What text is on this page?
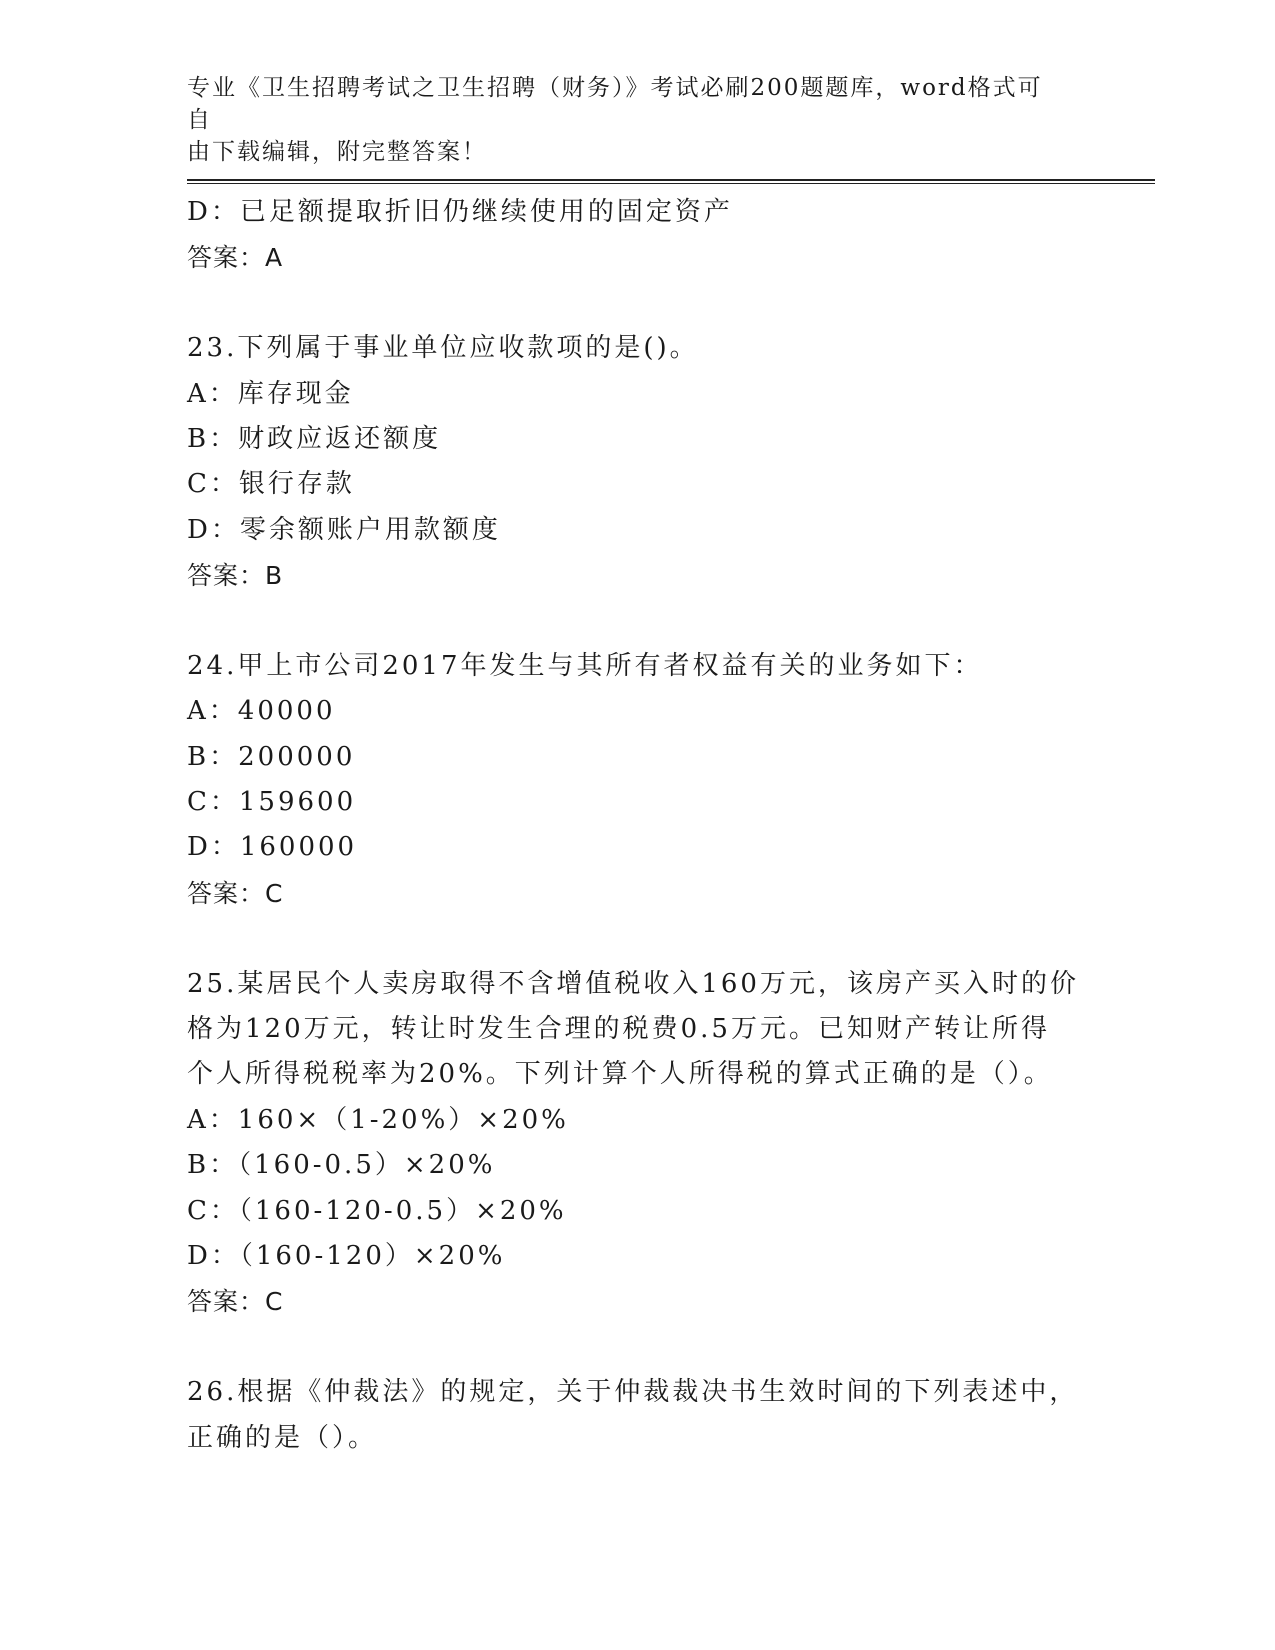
专业《卫生招聘考试之卫生招聘（财务）》考试必刷200题题库，word格式可自
由下载编辑，附完整答案！
D：已足额提取折旧仍继续使用的固定资产
答案：A
23.下列属于事业单位应收款项的是()。
A：库存现金
B：财政应返还额度
C：银行存款
D：零余额账户用款额度
答案：B
24.甲上市公司2017年发生与其所有者权益有关的业务如下：
A：40000
B：200000
C：159600
D：160000
答案：C
25.某居民个人卖房取得不含增值税收入160万元，该房产买入时的价
格为120万元，转让时发生合理的税费0.5万元。已知财产转让所得
个人所得税税率为20%。下列计算个人所得税的算式正确的是（）。
A：160×（1-20%）×20%
B：（160-0.5）×20%
C：（160-120-0.5）×20%
D：（160-120）×20%
答案：C
26.根据《仲裁法》的规定，关于仲裁裁决书生效时间的下列表述中，
正确的是（）。
